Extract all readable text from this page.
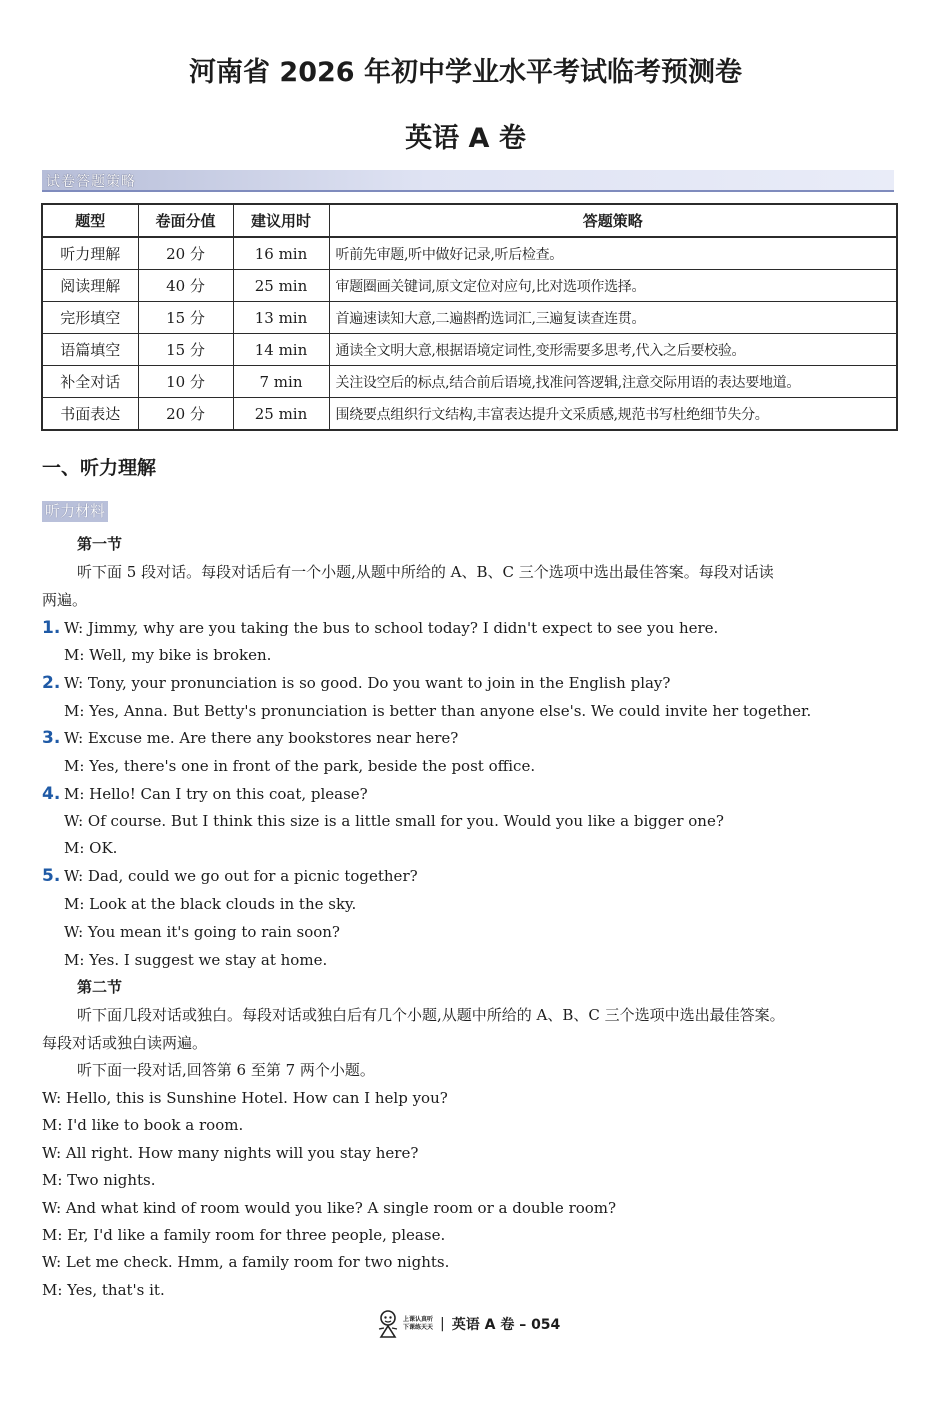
河南省 2026 年初中学业水平考试临考预测卷
英语 A 卷
试卷答题策略
题型	卷面分值	建议用时	答题策略
听力理解	20 分	16 min	听前先审题,听中做好记录,听后检查。
阅读理解	40 分	25 min	审题圈画关键词,原文定位对应句,比对选项作选择。
完形填空	15 分	13 min	首遍速读知大意,二遍斟酌选词汇,三遍复读查连贯。
语篇填空	15 分	14 min	通读全文明大意,根据语境定词性,变形需要多思考,代入之后要校验。
补全对话	10 分	7 min	关注设空后的标点,结合前后语境,找准问答逻辑,注意交际用语的表达要地道。
书面表达	20 分	25 min	围绕要点组织行文结构,丰富表达提升文采质感,规范书写杜绝细节失分。
一、听力理解
听力材料
第一节
听下面 5 段对话。每段对话后有一个小题,从题中所给的 A、B、C 三个选项中选出最佳答案。每段对话读
两遍。
1. W: Jimmy, why are you taking the bus to school today? I didn't expect to see you here.
M: Well, my bike is broken.
2. W: Tony, your pronunciation is so good. Do you want to join in the English play?
M: Yes, Anna. But Betty's pronunciation is better than anyone else's. We could invite her together.
3. W: Excuse me. Are there any bookstores near here?
M: Yes, there's one in front of the park, beside the post office.
4. M: Hello! Can I try on this coat, please?
W: Of course. But I think this size is a little small for you. Would you like a bigger one?
M: OK.
5. W: Dad, could we go out for a picnic together?
M: Look at the black clouds in the sky.
W: You mean it's going to rain soon?
M: Yes. I suggest we stay at home.
第二节
听下面几段对话或独白。每段对话或独白后有几个小题,从题中所给的 A、B、C 三个选项中选出最佳答案。
每段对话或独白读两遍。
听下面一段对话,回答第 6 至第 7 两个小题。
W: Hello, this is Sunshine Hotel. How can I help you?
M: I'd like to book a room.
W: All right. How many nights will you stay here?
M: Two nights.
W: And what kind of room would you like? A single room or a double room?
M: Er, I'd like a family room for three people, please.
W: Let me check. Hmm, a family room for two nights.
M: Yes, that's it.
上课认真听
下课练天天 | 英语 A 卷 – 054
